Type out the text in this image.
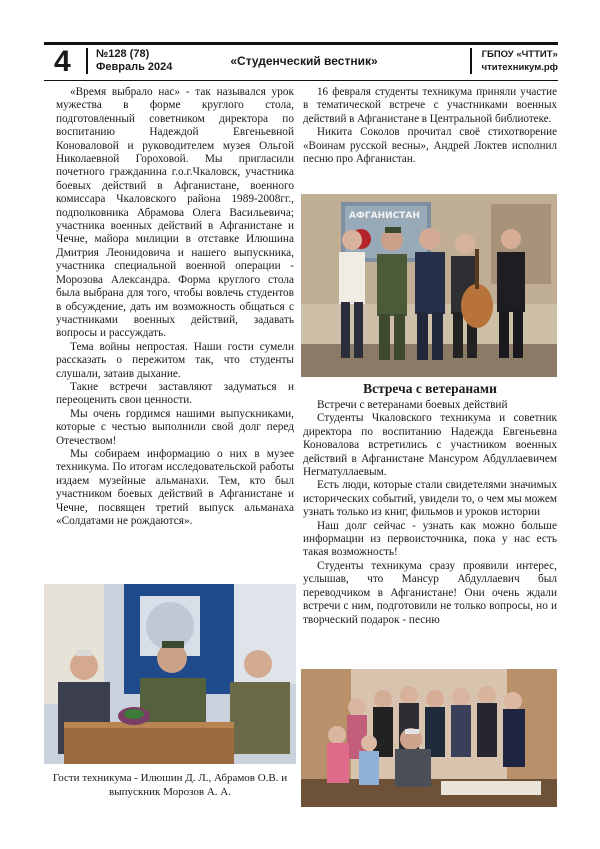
4 №128 (78)
Февраль 2024	«Студенческий вестник»	ГБПОУ «ЧТТИТ»
чтитехникум.рф

«Время выбрало нас» - так назывался урок мужества в форме круглого стола, подготовленный советником директора по воспитанию Надеждой Евгеньевной Коноваловой и руководителем музея Ольгой Николаевной Гороховой. Мы пригласили почетного гражданина г.о.г.Чкаловск, участника боевых действий в Афганистане, военного комиссара Чкаловского района 1989-2008гг., подполковника Абрамова Олега Васильевича; участника военных действий в Афганистане и Чечне, майора милиции в отставке Илюшина Дмитрия Леонидовича и нашего выпускника, участника специальной военной операции - Морозова Александра. Форма круглого стола была выбрана для того, чтобы вовлечь студентов в обсуждение, дать им возможность общаться с участниками военных действий, задавать вопросы и рассуждать.

Тема войны непростая. Наши гости сумели рассказать о пережитом так, что студенты слушали, затаив дыхание.

Такие встречи заставляют задуматься и переоценить свои ценности.

Мы очень гордимся нашими выпускниками, которые с честью выполнили свой долг перед Отечеством!

Мы собираем информацию о них в музее техникума. По итогам исследовательской работы издаем музейные альманахи. Тем, кто был участником боевых действий в Афганистане и Чечне, посвящен третий выпуск альманаха «Солдатами не рождаются».

16 февраля студенты техникума приняли участие в тематической встрече с участниками военных действий в Афганистане в Центральной библиотеке.

Никита Соколов прочитал своё стихотворение «Воинам русской весны», Андрей Локтев исполнил песню про Афганистан.

АФГАНИСТАН
Встреча с ветеранами

Встречи с ветеранами боевых действий

Студенты Чкаловского техникума и советник директора по воспитанию Надежда Евгеньевна Коновалова встретились с участником военных действий в Афганистане Мансуром Абдуллаевичем Негматуллаевым.

Есть люди, которые стали свидетелями значимых исторических событий, увидели то, о чем мы можем узнать только из книг, фильмов и уроков истории

Наш долг сейчас - узнать как можно больше информации из первоисточника, пока у нас есть такая возможность!

Студенты техникума сразу проявили интерес, услышав, что Мансур Абдуллаевич был переводчиком в Афганистане! Они очень ждали встречи с ним, подготовили не только вопросы, но и творческий подарок - песню

Гости техникума - Илюшин Д. Л., Абрамов О.В. и выпускник Морозов А. А.
